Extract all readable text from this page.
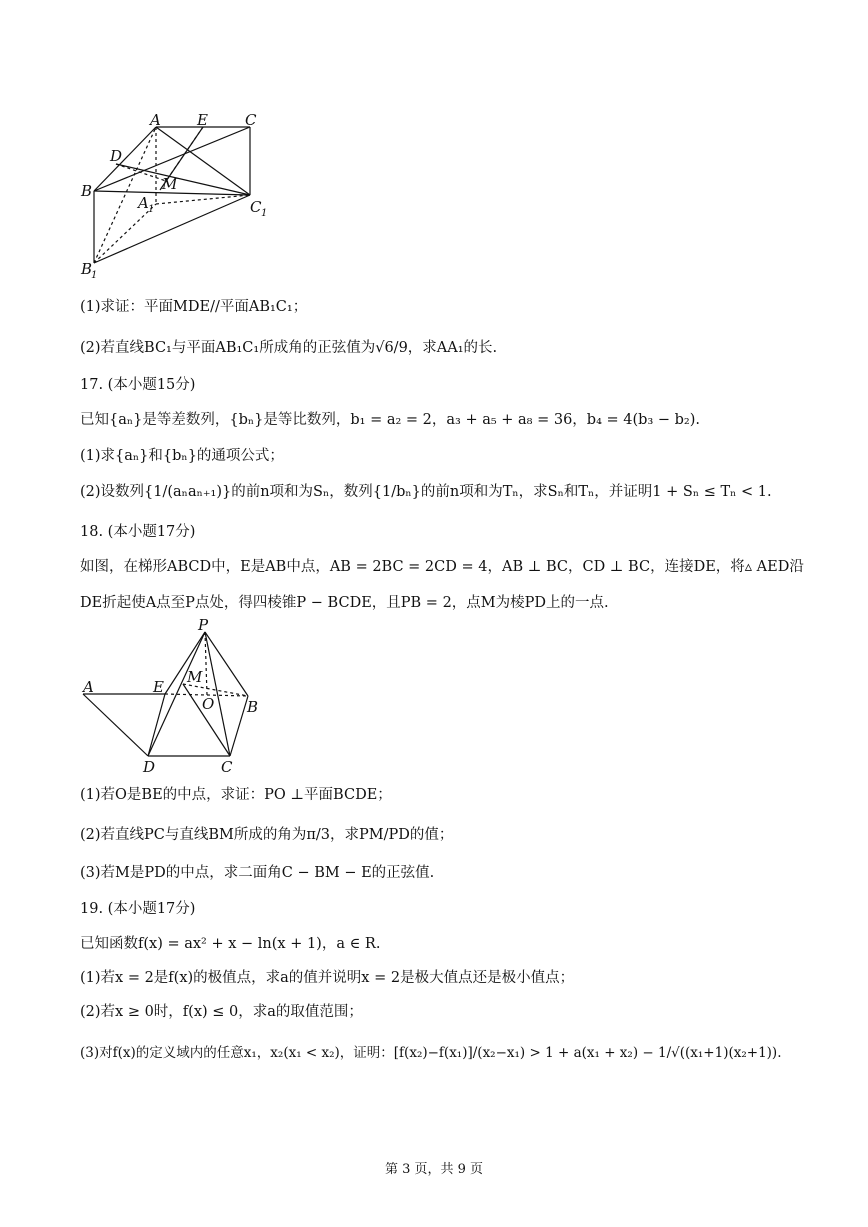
A E C
D
B	M
A 1	C 1
B
1
(1)求证：平面MDE//平面AB₁C₁；
(2)若直线BC₁与平面AB₁C₁所成角的正弦值为√6/9，求AA₁的长.
17. (本小题15分)
已知{aₙ}是等差数列，{bₙ}是等比数列，b₁ = a₂ = 2，a₃ + a₅ + a₈ = 36，b₄ = 4(b₃ − b₂).
(1)求{aₙ}和{bₙ}的通项公式；
(2)设数列{1/(aₙaₙ₊₁)}的前n项和为Sₙ，数列{1/bₙ}的前n项和为Tₙ，求Sₙ和Tₙ，并证明1 + Sₙ ≤ Tₙ < 1.
18. (本小题17分)
如图，在梯形ABCD中，E是AB中点，AB = 2BC = 2CD = 4，AB ⊥ BC，CD ⊥ BC，连接DE，将▵ AED沿
DE折起使A点至P点处，得四棱锥P − BCDE，且PB = 2，点M为棱PD上的一点.
P
A	E
M
B
O
D	C
(1)若O是BE的中点，求证：PO ⊥平面BCDE；
(2)若直线PC与直线BM所成的角为π/3，求PM/PD的值；
(3)若M是PD的中点，求二面角C − BM − E的正弦值.
19. (本小题17分)
已知函数f(x) = ax² + x − ln(x + 1)，a ∈ R.
(1)若x = 2是f(x)的极值点，求a的值并说明x = 2是极大值点还是极小值点；
(2)若x ≥ 0时，f(x) ≤ 0，求a的取值范围；
(3)对f(x)的定义域内的任意x₁，x₂(x₁ < x₂)，证明：[f(x₂)−f(x₁)]/(x₂−x₁) > 1 + a(x₁ + x₂) − 1/√((x₁+1)(x₂+1)).
第 3 页，共 9 页
